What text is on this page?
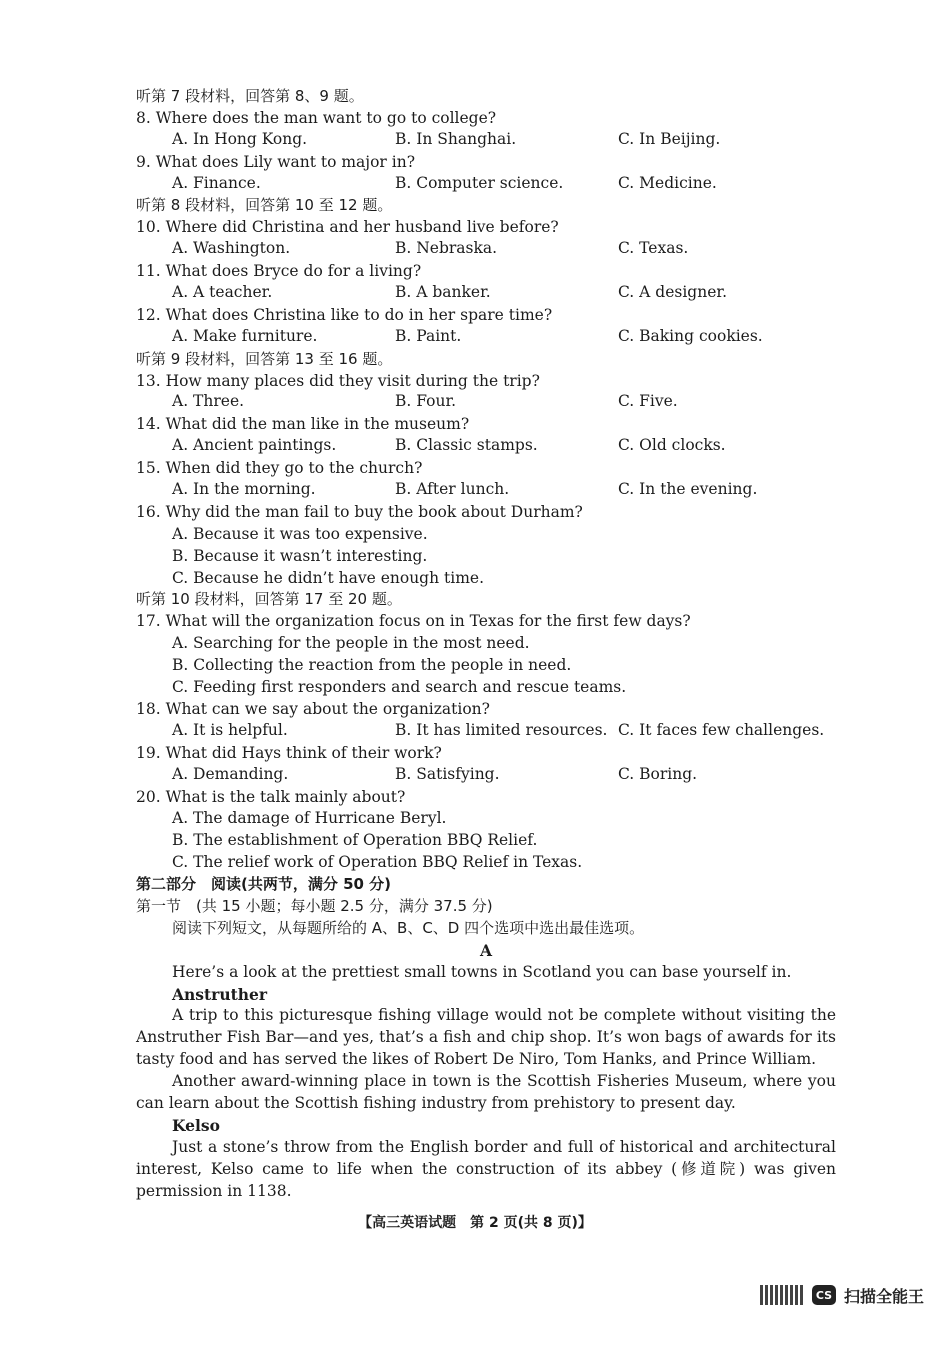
听第 7 段材料，回答第 8、9 题。
8. Where does the man want to go to college?
A. In Hong Kong.	B. In Shanghai.	C. In Beijing.
9. What does Lily want to major in?
A. Finance.	B. Computer science.	C. Medicine.
听第 8 段材料，回答第 10 至 12 题。
10. Where did Christina and her husband live before?
A. Washington.	B. Nebraska.	C. Texas.
11. What does Bryce do for a living?
A. A teacher.	B. A banker.	C. A designer.
12. What does Christina like to do in her spare time?
A. Make furniture.	B. Paint.	C. Baking cookies.
听第 9 段材料，回答第 13 至 16 题。
13. How many places did they visit during the trip?
A. Three.	B. Four.	C. Five.
14. What did the man like in the museum?
A. Ancient paintings.	B. Classic stamps.	C. Old clocks.
15. When did they go to the church?
A. In the morning.	B. After lunch.	C. In the evening.
16. Why did the man fail to buy the book about Durham?
A. Because it was too expensive.
B. Because it wasn’t interesting.
C. Because he didn’t have enough time.
听第 10 段材料，回答第 17 至 20 题。
17. What will the organization focus on in Texas for the first few days?
A. Searching for the people in the most need.
B. Collecting the reaction from the people in need.
C. Feeding first responders and search and rescue teams.
18. What can we say about the organization?
A. It is helpful.	B. It has limited resources. C. It faces few challenges.
19. What did Hays think of their work?
A. Demanding.	B. Satisfying.	C. Boring.
20. What is the talk mainly about?
A. The damage of Hurricane Beryl.
B. The establishment of Operation BBQ Relief.
C. The relief work of Operation BBQ Relief in Texas.
第二部分　阅读(共两节，满分 50 分)
第一节　(共 15 小题；每小题 2.5 分，满分 37.5 分)
阅读下列短文，从每题所给的 A、B、C、D 四个选项中选出最佳选项。
A
Here’s a look at the prettiest small towns in Scotland you can base yourself in.
Anstruther
A trip to this picturesque fishing village would not be complete without visiting the
Anstruther Fish Bar—and yes, that’s a fish and chip shop. It’s won bags of awards for its
tasty food and has served the likes of Robert De Niro, Tom Hanks, and Prince William.
Another award-winning place in town is the Scottish Fisheries Museum, where you
can learn about the Scottish fishing industry from prehistory to present day.
Kelso
Just a stone’s throw from the English border and full of historical and architectural
interest, Kelso came to life when the construction of its abbey (修道院) was given
permission in 1138.
【高三英语试题　第 2 页(共 8 页)】
CS 扫描全能王
